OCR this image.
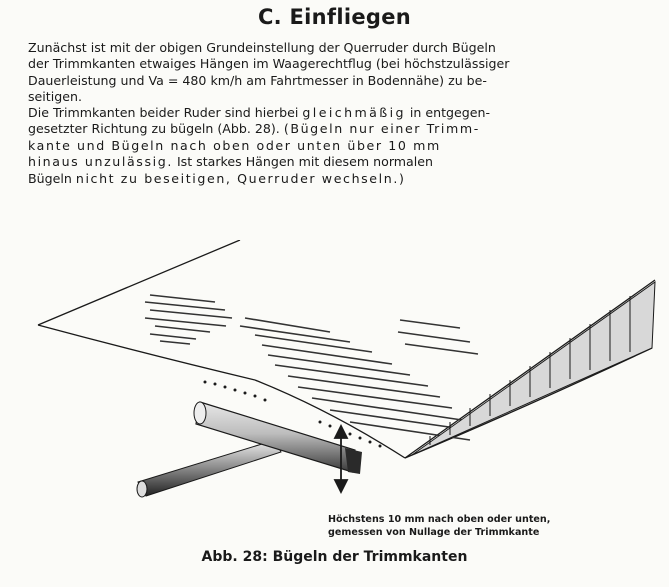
C. Einfliegen
Zunächst ist mit der obigen Grundeinstellung der Querruder durch Bügeln
der Trimmkanten etwaiges Hängen im Waagerechtflug (bei höchstzulässiger
Dauerleistung und Va = 480 km/h am Fahrtmesser in Bodennähe) zu be-
seitigen.
Die Trimmkanten beider Ruder sind hierbei gleichmäßig in entgegen-
gesetzter Richtung zu bügeln (Abb. 28). (Bügeln nur einer Trimm-
kante und Bügeln nach oben oder unten über 10 mm
hinaus unzulässig. Ist starkes Hängen mit diesem normalen
Bügeln nicht zu beseitigen, Querruder wechseln.)
Höchstens 10 mm nach oben oder unten,
gemessen von Nullage der Trimmkante
Abb. 28: Bügeln der Trimmkanten
